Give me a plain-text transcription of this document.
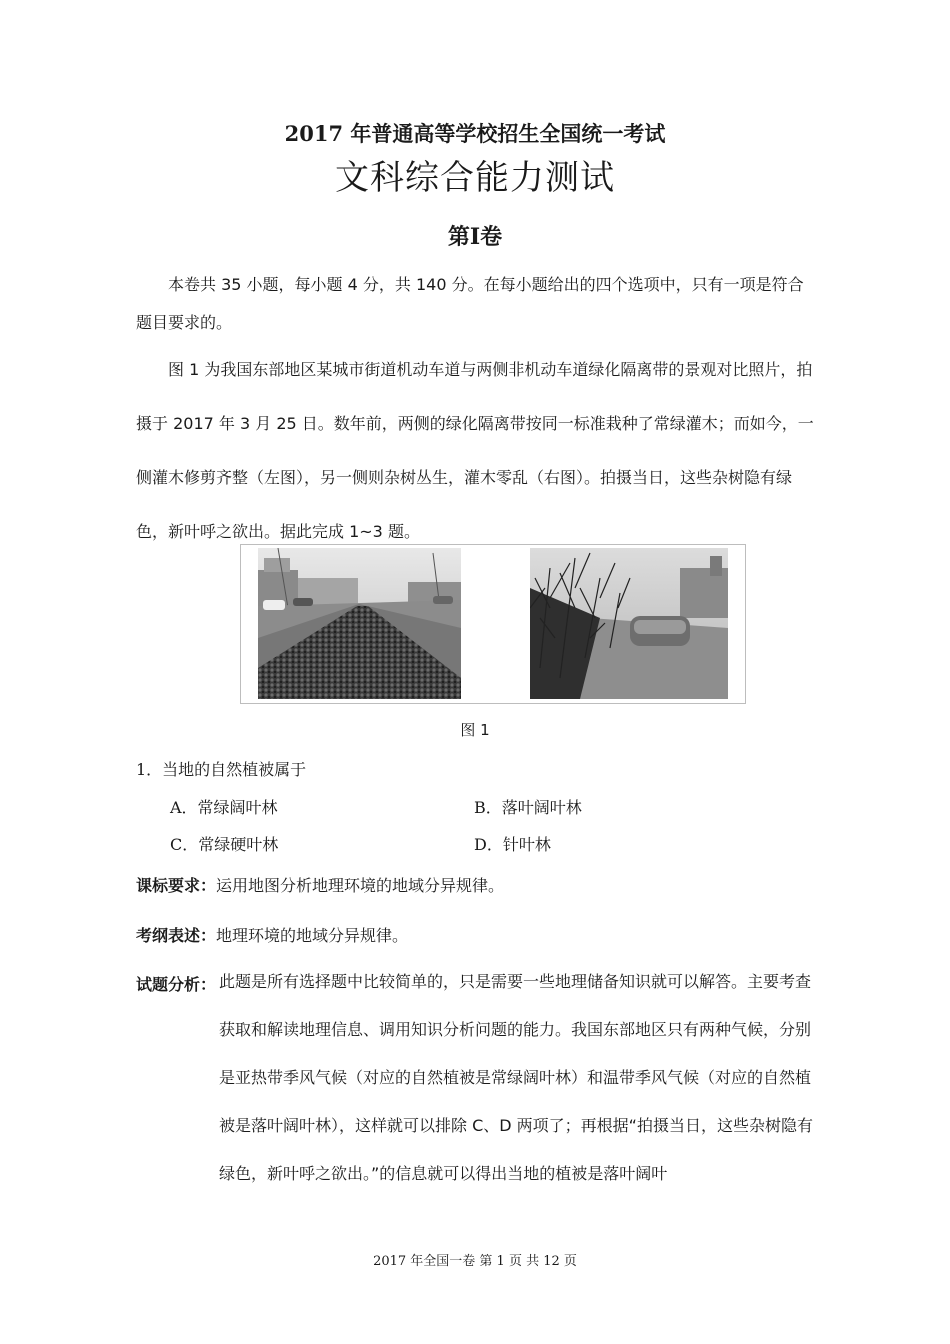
2017 年普通高等学校招生全国统一考试
文科综合能力测试
第Ⅰ卷
本卷共 35 小题，每小题 4 分，共 140 分。在每小题给出的四个选项中，只有一项是符合题目要求的。
图 1 为我国东部地区某城市街道机动车道与两侧非机动车道绿化隔离带的景观对比照片，拍摄于 2017 年 3 月 25 日。数年前，两侧的绿化隔离带按同一标准栽种了常绿灌木；而如今，一侧灌木修剪齐整（左图），另一侧则杂树丛生，灌木零乱（右图）。拍摄当日，这些杂树隐有绿色，新叶呼之欲出。据此完成 1~3 题。
图 1
1．当地的自然植被属于
A．常绿阔叶林	B．落叶阔叶林
C．常绿硬叶林	D．针叶林
课标要求：运用地图分析地理环境的地域分异规律。
考纲表述：地理环境的地域分异规律。
试题分析： 此题是所有选择题中比较简单的，只是需要一些地理储备知识就可以解答。主要考查获取和解读地理信息、调用知识分析问题的能力。我国东部地区只有两种气候，分别是亚热带季风气候（对应的自然植被是常绿阔叶林）和温带季风气候（对应的自然植被是落叶阔叶林），这样就可以排除 C、D 两项了；再根据“拍摄当日，这些杂树隐有绿色，新叶呼之欲出。”的信息就可以得出当地的植被是落叶阔叶
2017 年全国一卷 第 1 页 共 12 页
